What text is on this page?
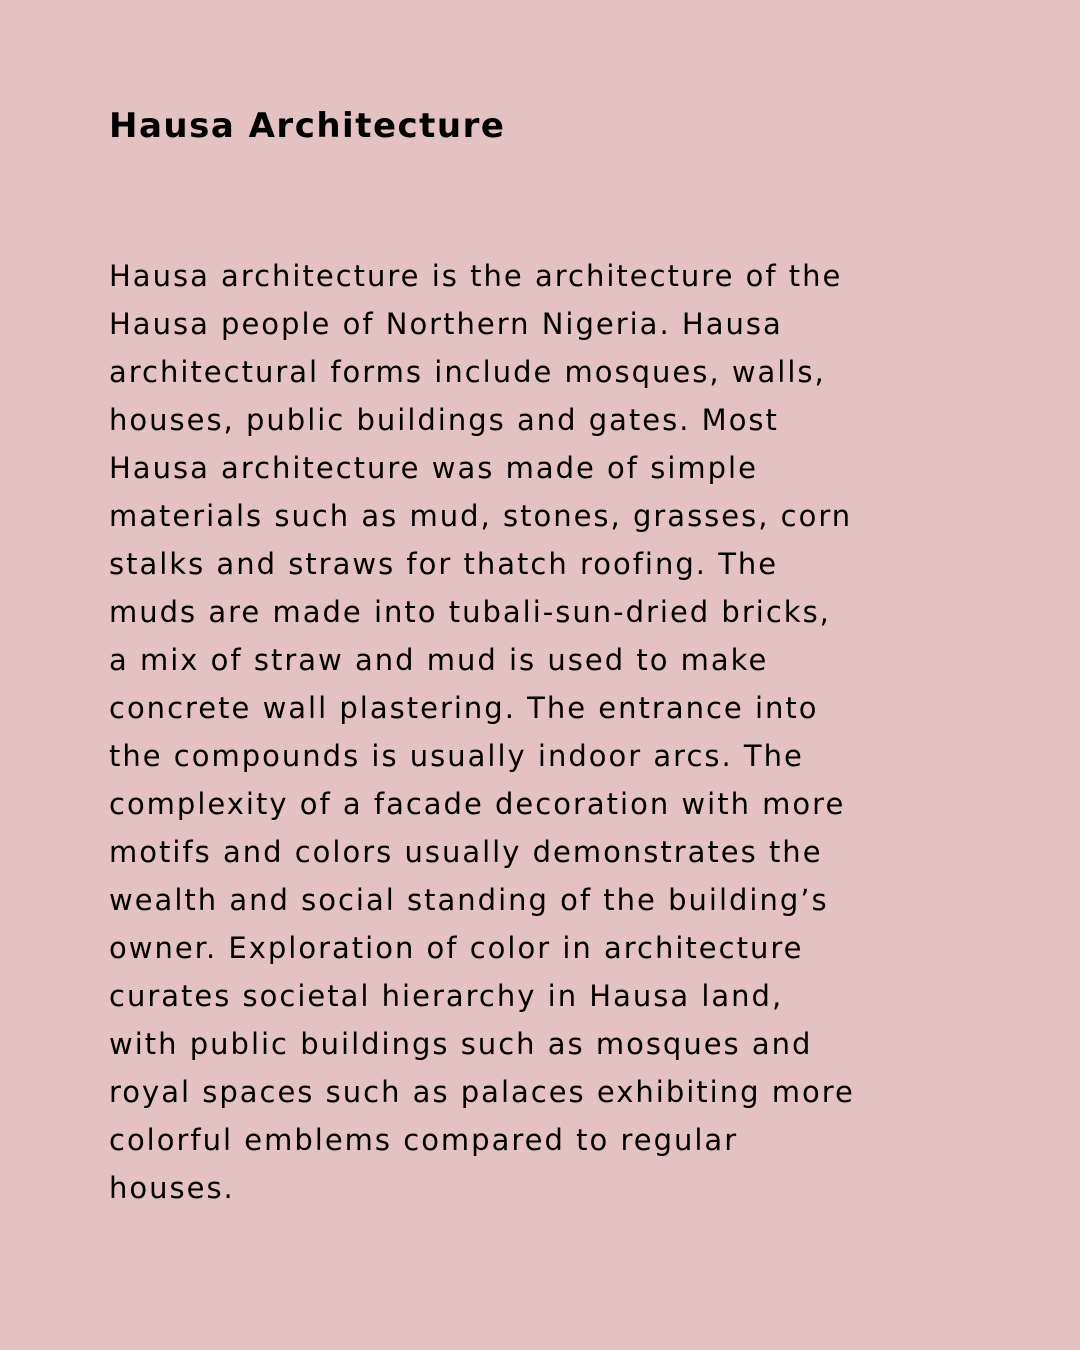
Hausa Architecture
Hausa architecture is the architecture of the
Hausa people of Northern Nigeria. Hausa
architectural forms include mosques, walls,
houses, public buildings and gates. Most
Hausa architecture was made of simple
materials such as mud, stones, grasses, corn
stalks and straws for thatch roofing. The
muds are made into tubali-sun-dried bricks,
a mix of straw and mud is used to make
concrete wall plastering. The entrance into
the compounds is usually indoor arcs. The
complexity of a facade decoration with more
motifs and colors usually demonstrates the
wealth and social standing of the building’s
owner. Exploration of color in architecture
curates societal hierarchy in Hausa land,
with public buildings such as mosques and
royal spaces such as palaces exhibiting more
colorful emblems compared to regular
houses.
